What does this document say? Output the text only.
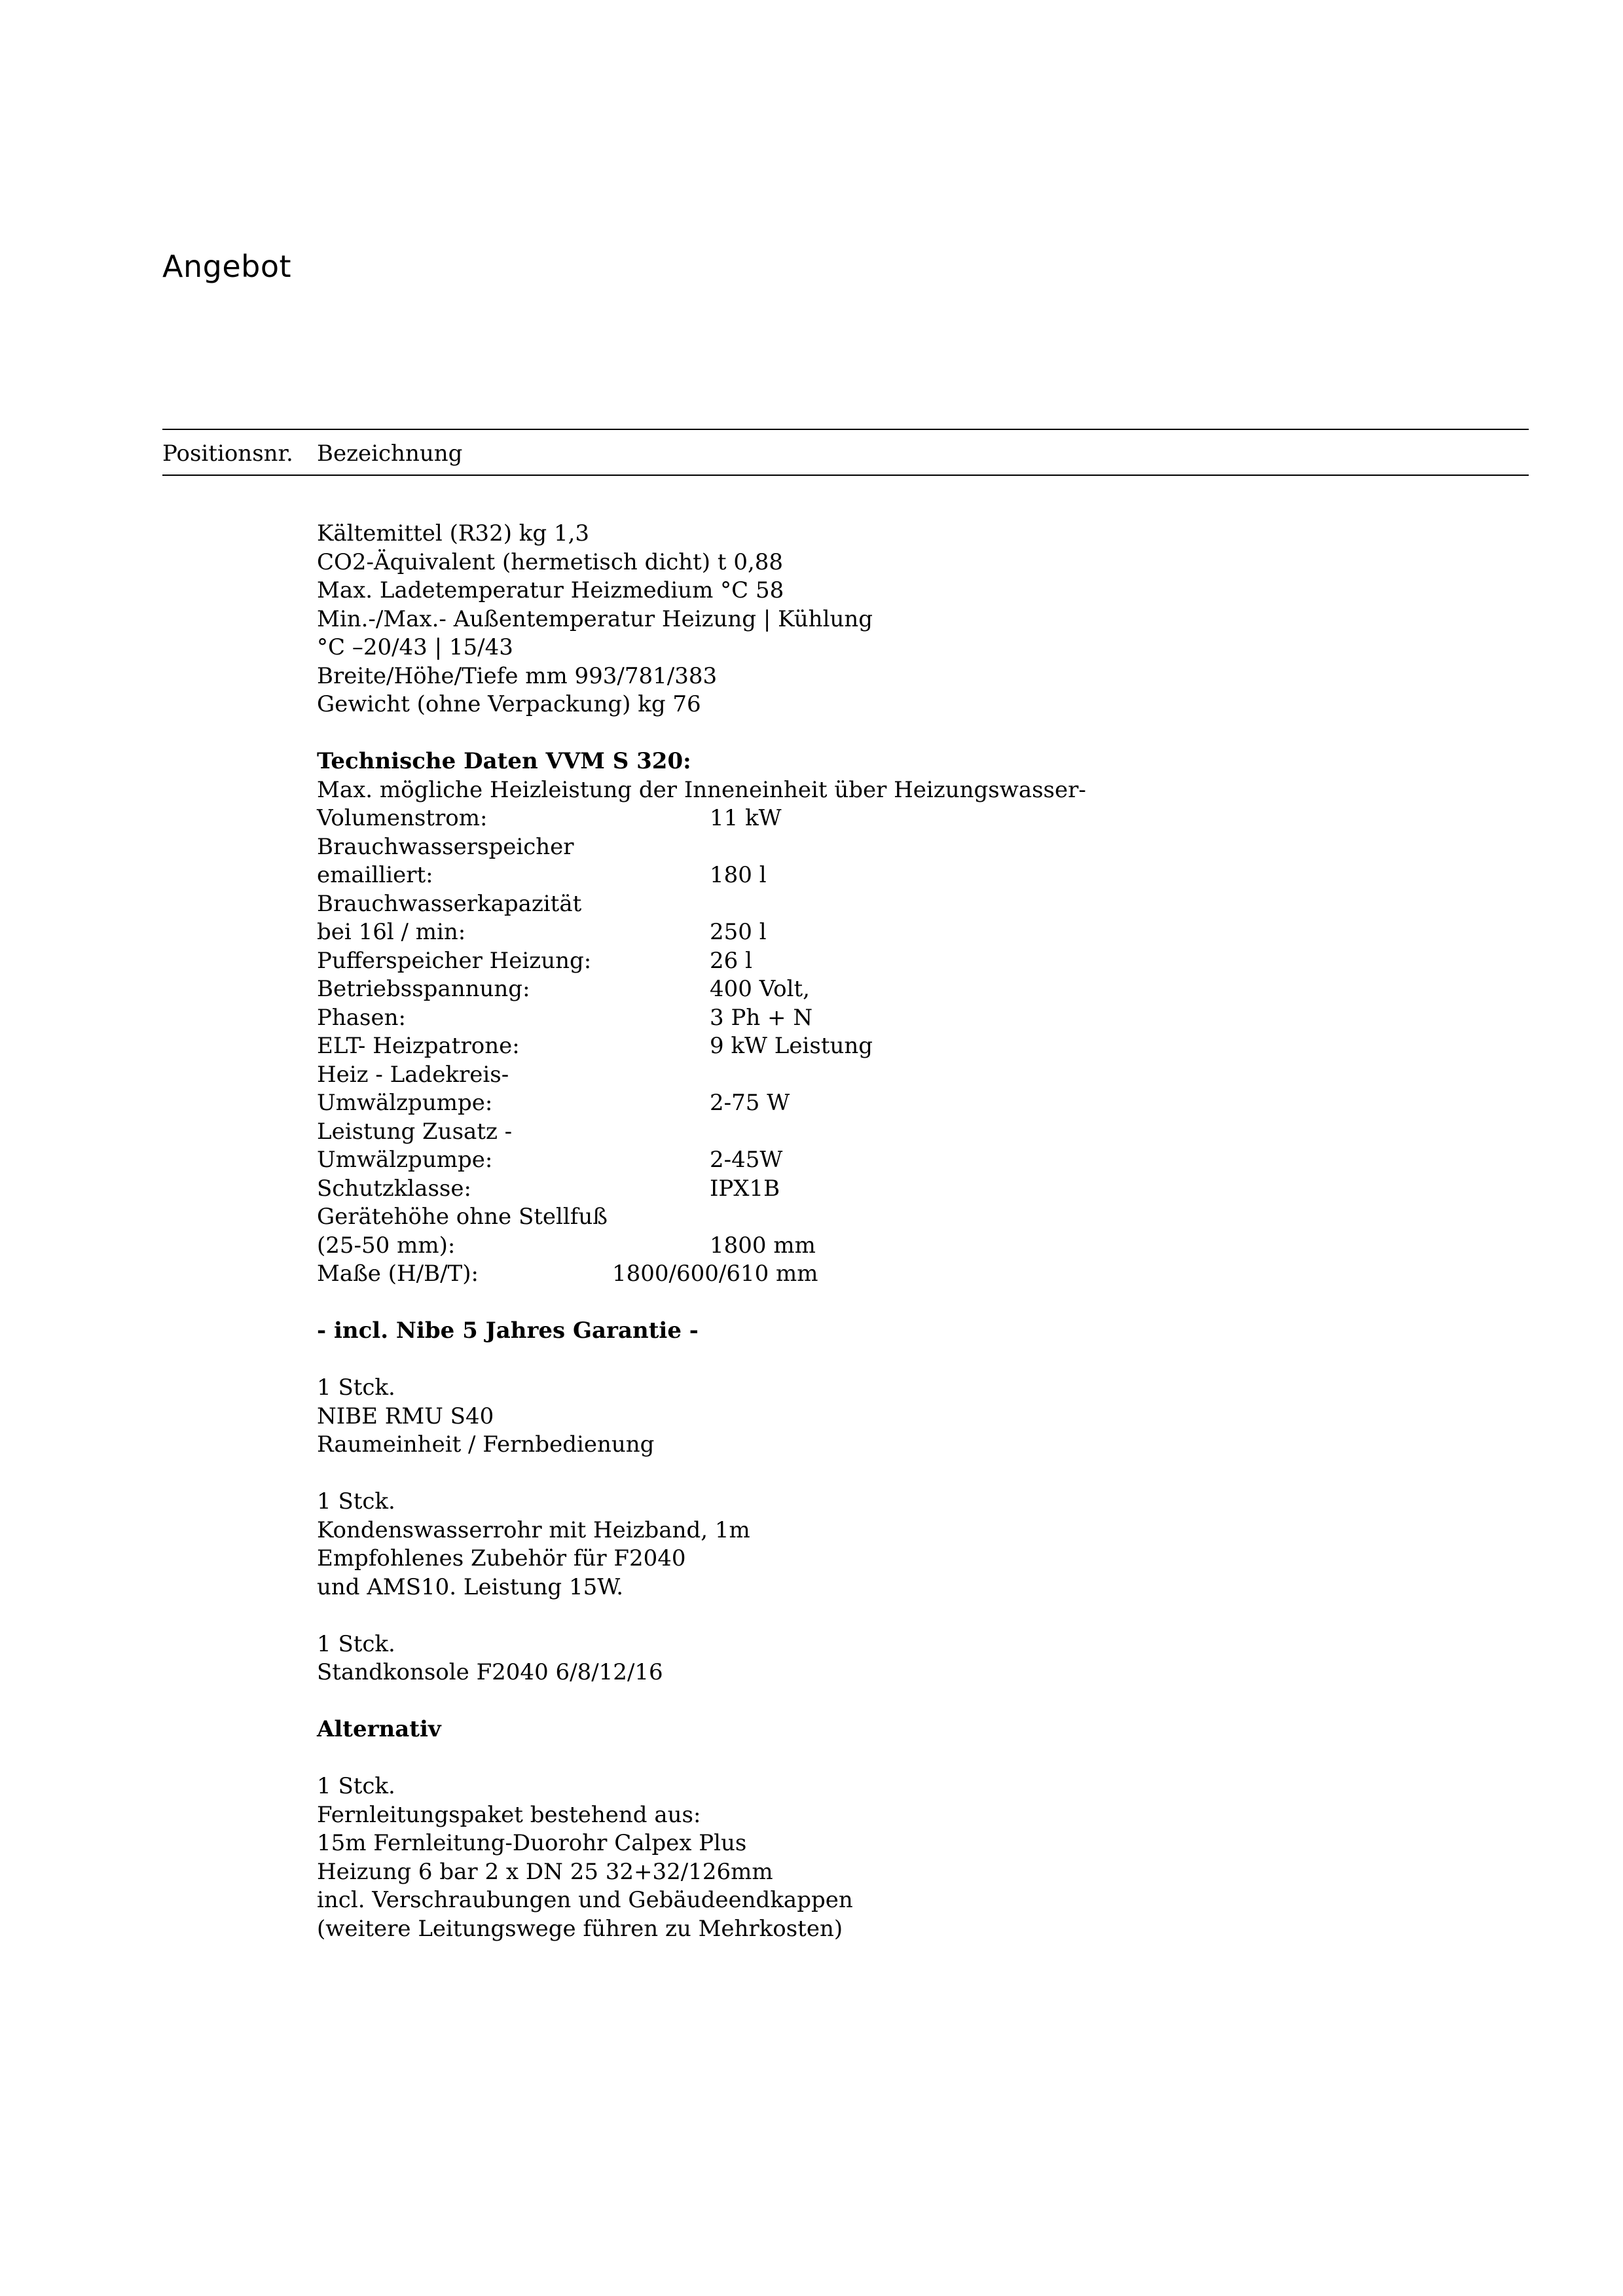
Angebot
Positionsnr. Bezeichnung
Kältemittel (R32) kg 1,3
CO2-Äquivalent (hermetisch dicht) t 0,88
Max. Ladetemperatur Heizmedium °C 58
Min.-/Max.- Außentemperatur Heizung | Kühlung
°C –20/43 | 15/43
Breite/Höhe/Tiefe mm 993/781/383
Gewicht (ohne Verpackung) kg 76
Technische Daten VVM S 320:
Max. mögliche Heizleistung der Inneneinheit über Heizungswasser-
Volumenstrom:	11 kW
Brauchwasserspeicher
emailliert:	180 l
Brauchwasserkapazität
bei 16l / min:	250 l
Pufferspeicher Heizung:	26 l
Betriebsspannung:	400 Volt,
Phasen:	3 Ph + N
ELT- Heizpatrone:	9 kW Leistung
Heiz - Ladekreis-
Umwälzpumpe:	2-75 W
Leistung Zusatz -
Umwälzpumpe:	2-45W
Schutzklasse:	IPX1B
Gerätehöhe ohne Stellfuß
(25-50 mm):	1800 mm
Maße (H/B/T):	1800/600/610 mm
- incl. Nibe 5 Jahres Garantie -
1 Stck.
NIBE RMU S40
Raumeinheit / Fernbedienung
1 Stck.
Kondenswasserrohr mit Heizband, 1m
Empfohlenes Zubehör für F2040
und AMS10. Leistung 15W.
1 Stck.
Standkonsole F2040 6/8/12/16
Alternativ
1 Stck.
Fernleitungspaket bestehend aus:
15m Fernleitung-Duorohr Calpex Plus
Heizung 6 bar 2 x DN 25 32+32/126mm
incl. Verschraubungen und Gebäudeendkappen
(weitere Leitungswege führen zu Mehrkosten)
